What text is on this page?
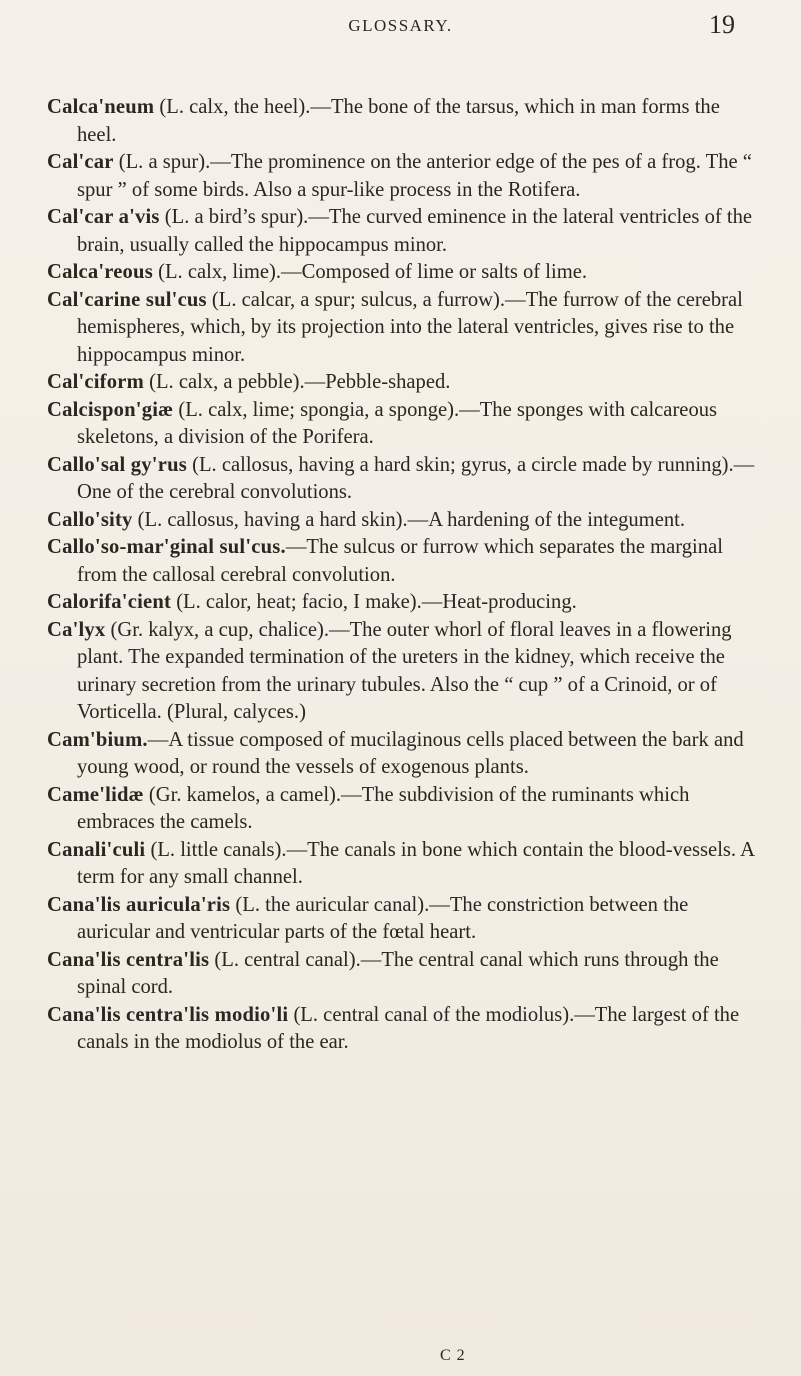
GLOSSARY.	19

Calca'neum (L. calx, the heel).—The bone of the tarsus, which in man forms the heel.

Cal'car (L. a spur).—The prominence on the anterior edge of the pes of a frog. The “ spur ” of some birds. Also a spur-like process in the Rotifera.

Cal'car a'vis (L. a bird’s spur).—The curved eminence in the lateral ventricles of the brain, usually called the hippocampus minor.

Calca'reous (L. calx, lime).—Composed of lime or salts of lime.

Cal'carine sul'cus (L. calcar, a spur; sulcus, a furrow).—The furrow of the cerebral hemispheres, which, by its projection into the lateral ventricles, gives rise to the hippocampus minor.

Cal'ciform (L. calx, a pebble).—Pebble-shaped.

Calcispon'giæ (L. calx, lime; spongia, a sponge).—The sponges with calcareous skeletons, a division of the Porifera.

Callo'sal gy'rus (L. callosus, having a hard skin; gyrus, a circle made by running).—One of the cerebral convolutions.

Callo'sity (L. callosus, having a hard skin).—A hardening of the integument.

Callo'so-mar'ginal sul'cus.—The sulcus or furrow which separates the marginal from the callosal cerebral convolution.

Calorifa'cient (L. calor, heat; facio, I make).—Heat-producing.

Ca'lyx (Gr. kalyx, a cup, chalice).—The outer whorl of floral leaves in a flowering plant. The expanded termination of the ureters in the kidney, which receive the urinary secretion from the urinary tubules. Also the “ cup ” of a Crinoid, or of Vorticella. (Plural, calyces.)

Cam'bium.—A tissue composed of mucilaginous cells placed between the bark and young wood, or round the vessels of exogenous plants.

Came'lidæ (Gr. kamelos, a camel).—The subdivision of the ruminants which embraces the camels.

Canali'culi (L. little canals).—The canals in bone which contain the blood-vessels. A term for any small channel.

Cana'lis auricula'ris (L. the auricular canal).—The constriction between the auricular and ventricular parts of the fœtal heart.

Cana'lis centra'lis (L. central canal).—The central canal which runs through the spinal cord.

Cana'lis centra'lis modio'li (L. central canal of the modiolus).—The largest of the canals in the modiolus of the ear.

C 2
